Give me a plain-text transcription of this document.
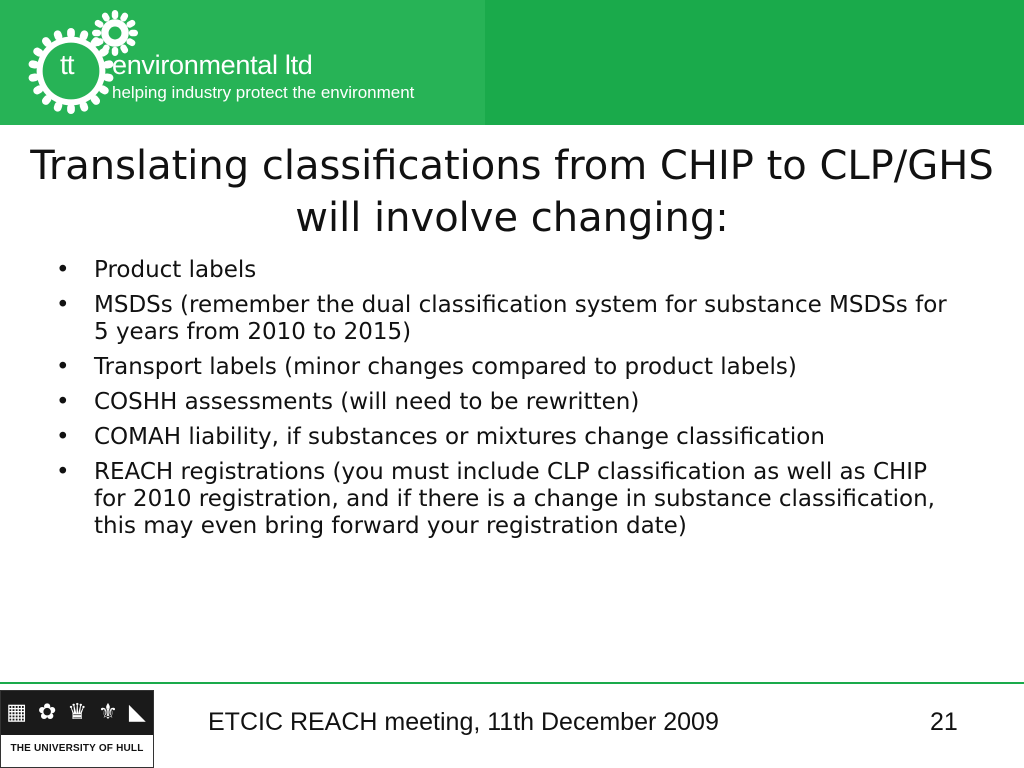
tt environmental ltd
helping industry protect the environment
Translating classifications from CHIP to CLP/GHS will involve changing:
• Product labels
• MSDSs (remember the dual classification system for substance MSDSs for 5 years from 2010 to 2015)
• Transport labels (minor changes compared to product labels)
• COSHH assessments (will need to be rewritten)
• COMAH liability, if substances or mixtures change classification
• REACH registrations (you must include CLP classification as well as CHIP for 2010 registration, and if there is a change in substance classification, this may even bring forward your registration date)
▦ ✿ ♛ ⚜ ◣
THE UNIVERSITY OF HULL
ETCIC REACH meeting, 11th December 2009	21
